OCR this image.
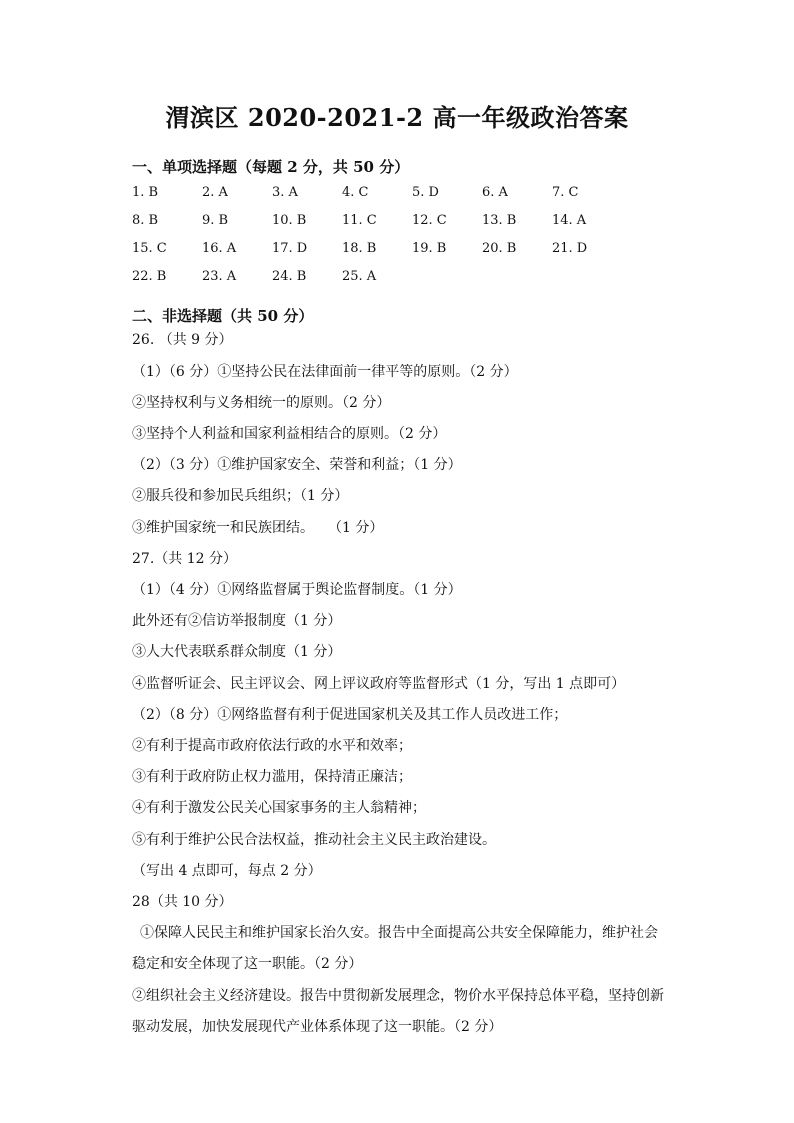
渭滨区 2020-2021-2 高一年级政治答案
一、单项选择题（每题 2 分，共 50 分）
1. B	2. A	3. A	4. C	5. D	6. A	7. C
8. B	9. B	10. B	11. C	12. C	13. B	14. A
15. C	16. A	17. D	18. B	19. B	20. B	21. D
22. B	23. A	24. B	25. A
二、非选择题（共 50 分）
26. （共 9 分）
（1）（6 分）①坚持公民在法律面前一律平等的原则。（2 分）
②坚持权利与义务相统一的原则。（2 分）
③坚持个人利益和国家利益相结合的原则。（2 分）
（2）（3 分）①维护国家安全、荣誉和利益；（1 分）
②服兵役和参加民兵组织；（1 分）
③维护国家统一和民族团结。　　（1 分）
27.（共 12 分）
（1）（4 分）①网络监督属于舆论监督制度。（1 分）
此外还有②信访举报制度（1 分）
③人大代表联系群众制度（1 分）
④监督听证会、民主评议会、网上评议政府等监督形式（1 分，写出 1 点即可）
（2）（8 分）①网络监督有利于促进国家机关及其工作人员改进工作；
②有利于提高市政府依法行政的水平和效率；
③有利于政府防止权力滥用，保持清正廉洁；
④有利于激发公民关心国家事务的主人翁精神；
⑤有利于维护公民合法权益，推动社会主义民主政治建设。
（写出 4 点即可，每点 2 分）
28（共 10 分）
①保障人民民主和维护国家长治久安。报告中全面提高公共安全保障能力，维护社会
稳定和安全体现了这一职能。（2 分）
②组织社会主义经济建设。报告中贯彻新发展理念，物价水平保持总体平稳，坚持创新
驱动发展，加快发展现代产业体系体现了这一职能。（2 分）
